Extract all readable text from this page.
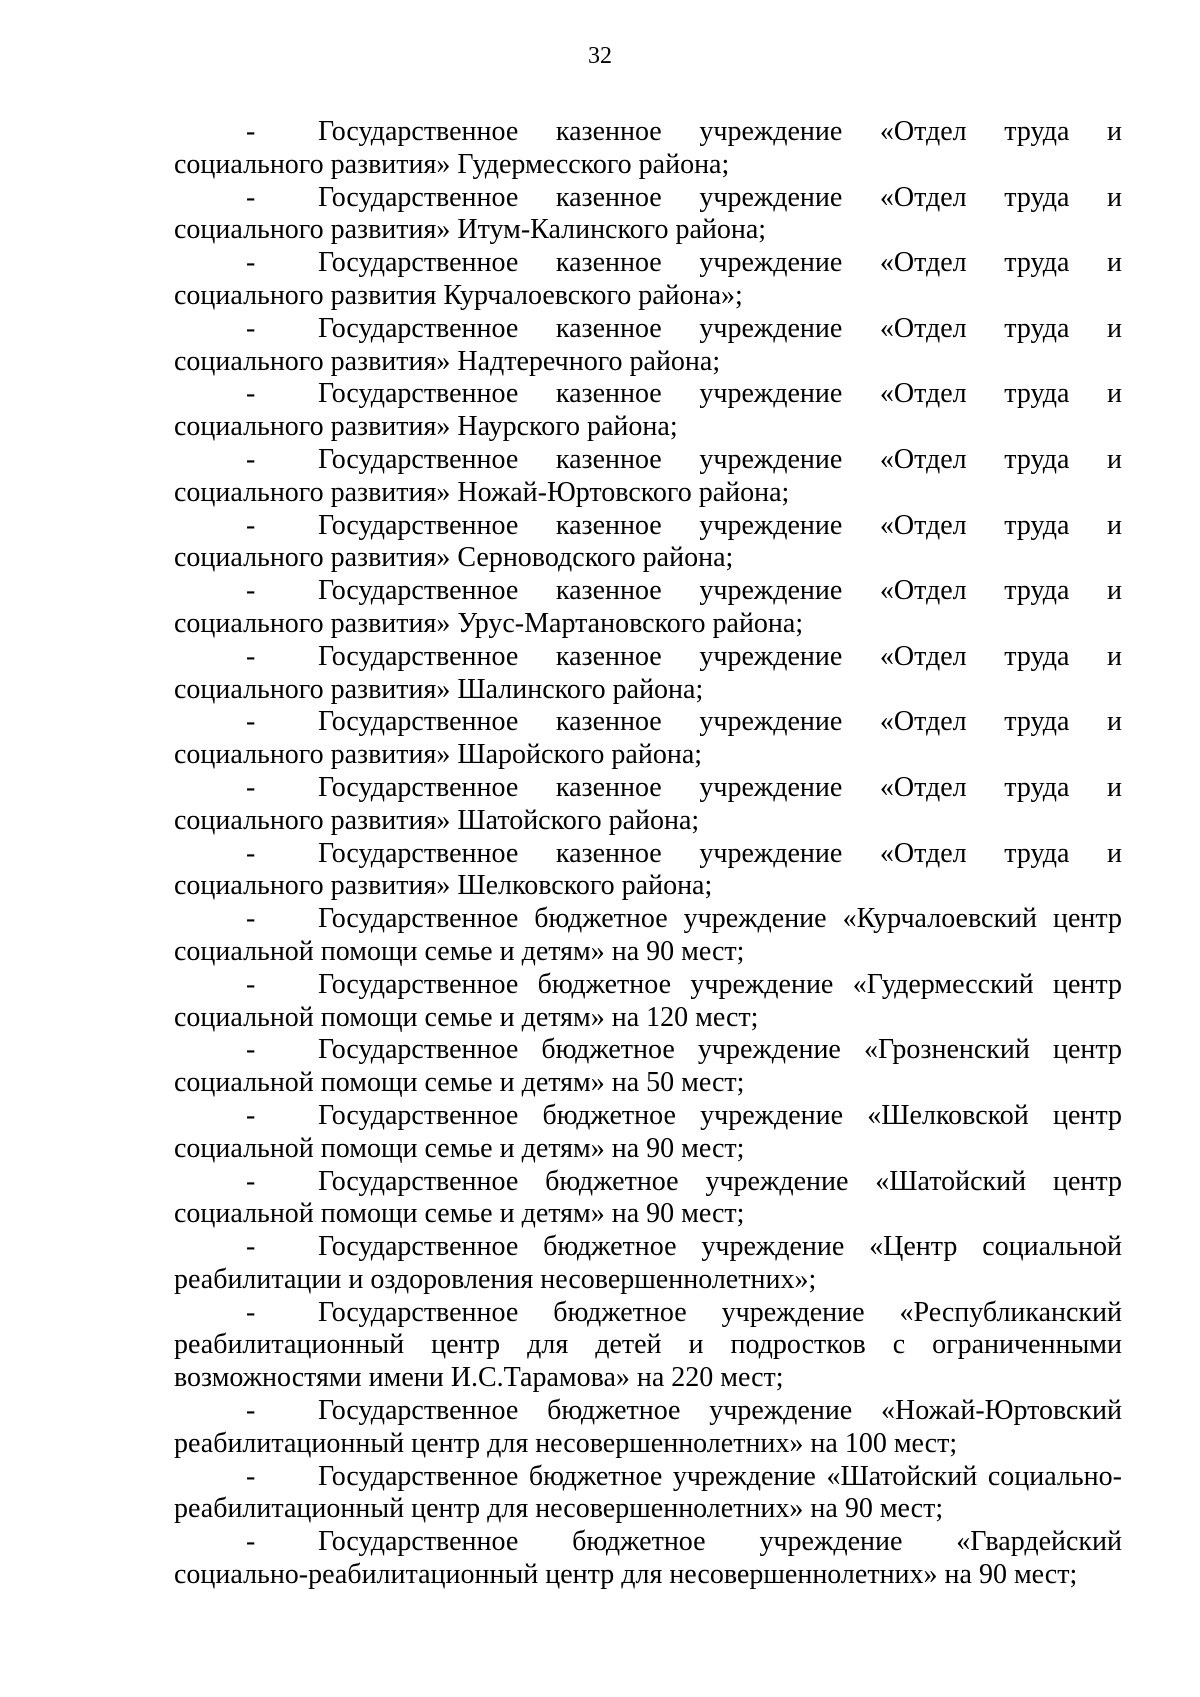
32

- Государственное казенное учреждение «Отдел труда и социального развития» Гудермесского района;

- Государственное казенное учреждение «Отдел труда и социального развития» Итум-Калинского района;

- Государственное казенное учреждение «Отдел труда и социального развития Курчалоевского района»;

- Государственное казенное учреждение «Отдел труда и социального развития» Надтеречного района;

- Государственное казенное учреждение «Отдел труда и социального развития» Наурского района;

- Государственное казенное учреждение «Отдел труда и социального развития» Ножай-Юртовского района;

- Государственное казенное учреждение «Отдел труда и социального развития» Серноводского района;

- Государственное казенное учреждение «Отдел труда и социального развития» Урус-Мартановского района;

- Государственное казенное учреждение «Отдел труда и социального развития» Шалинского района;

- Государственное казенное учреждение «Отдел труда и социального развития» Шаройского района;

- Государственное казенное учреждение «Отдел труда и социального развития» Шатойского района;

- Государственное казенное учреждение «Отдел труда и социального развития» Шелковского района;

- Государственное бюджетное учреждение «Курчалоевский центр социальной помощи семье и детям» на 90 мест;

- Государственное бюджетное учреждение «Гудермесский центр социальной помощи семье и детям» на 120 мест;

- Государственное бюджетное учреждение «Грозненский центр социальной помощи семье и детям» на 50 мест;

- Государственное бюджетное учреждение «Шелковской центр социальной помощи семье и детям» на 90 мест;

- Государственное бюджетное учреждение «Шатойский центр социальной помощи семье и детям» на 90 мест;

- Государственное бюджетное учреждение «Центр социальной реабилитации и оздоровления несовершеннолетних»;

- Государственное бюджетное учреждение «Республиканский реабилитационный центр для детей и подростков с ограниченными возможностями имени И.С.Тарамова» на 220 мест;

- Государственное бюджетное учреждение «Ножай-Юртовский реабилитационный центр для несовершеннолетних» на 100 мест;

- Государственное бюджетное учреждение «Шатойский социально-реабилитационный центр для несовершеннолетних» на 90 мест;

- Государственное бюджетное учреждение «Гвардейский социально-реабилитационный центр для несовершеннолетних» на 90 мест;
